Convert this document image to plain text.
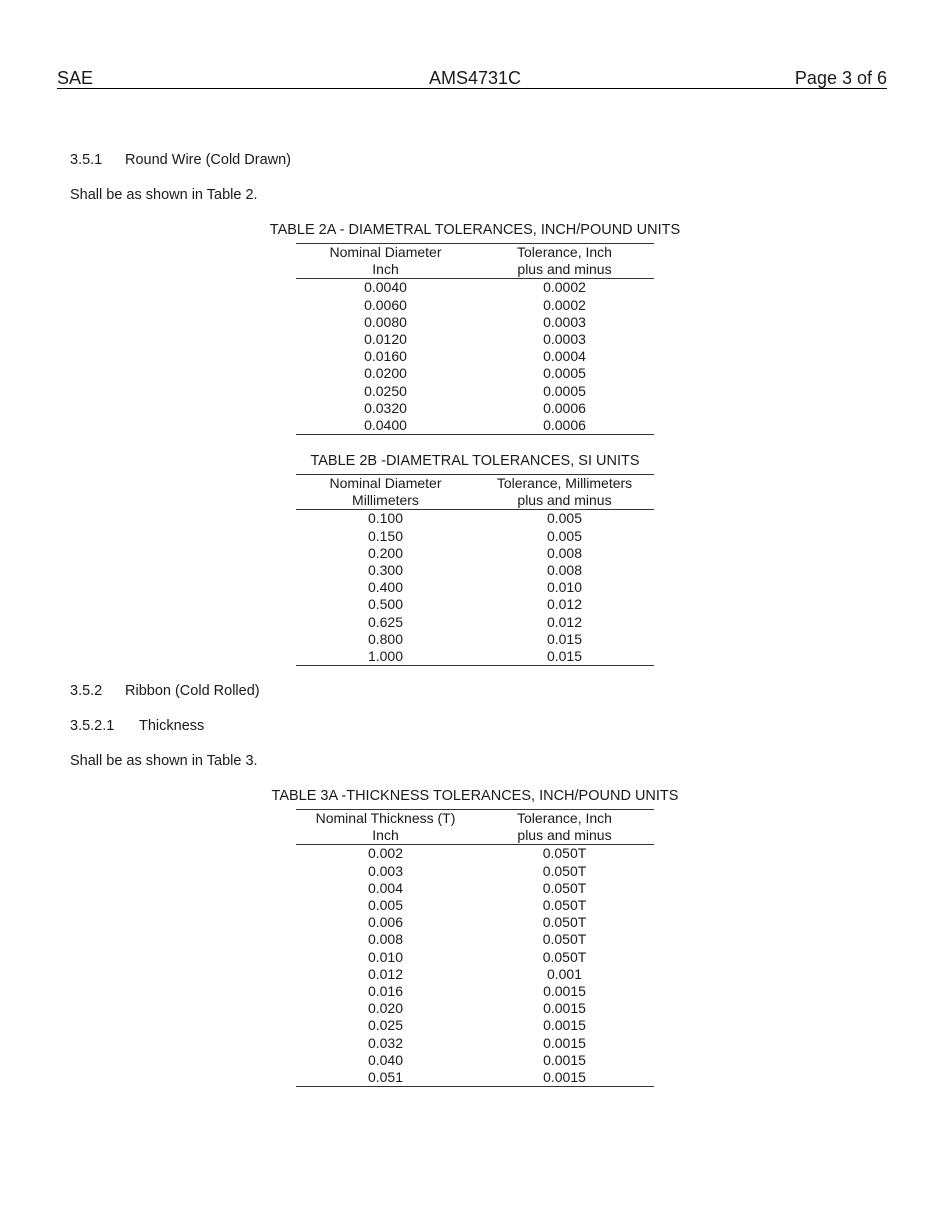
SAE	AMS4731C	Page 3 of 6
3.5.1 Round Wire (Cold Drawn)
Shall be as shown in Table 2.
TABLE 2A - DIAMETRAL TOLERANCES, INCH/POUND UNITS
Nominal Diameter	Tolerance, Inch
Inch	plus and minus
0.0040	0.0002
0.0060	0.0002
0.0080	0.0003
0.0120	0.0003
0.0160	0.0004
0.0200	0.0005
0.0250	0.0005
0.0320	0.0006
0.0400	0.0006
TABLE 2B -DIAMETRAL TOLERANCES, SI UNITS
Nominal Diameter	Tolerance, Millimeters
Millimeters	plus and minus
0.100	0.005
0.150	0.005
0.200	0.008
0.300	0.008
0.400	0.010
0.500	0.012
0.625	0.012
0.800	0.015
1.000	0.015
3.5.2 Ribbon (Cold Rolled)
3.5.2.1 Thickness
Shall be as shown in Table 3.
TABLE 3A -THICKNESS TOLERANCES, INCH/POUND UNITS
Nominal Thickness (T)	Tolerance, Inch
Inch	plus and minus
0.002	0.050T
0.003	0.050T
0.004	0.050T
0.005	0.050T
0.006	0.050T
0.008	0.050T
0.010	0.050T
0.012	0.001
0.016	0.0015
0.020	0.0015
0.025	0.0015
0.032	0.0015
0.040	0.0015
0.051	0.0015
